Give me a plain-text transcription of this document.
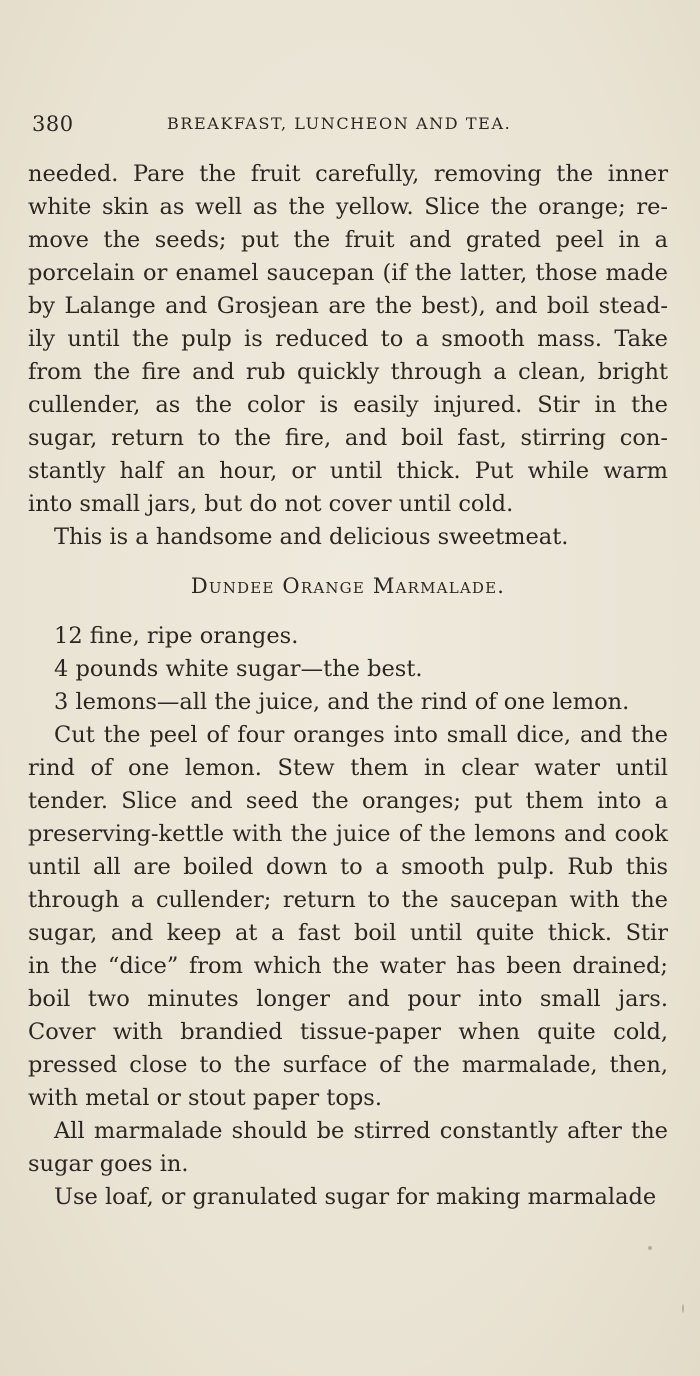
380	BREAKFAST, LUNCHEON AND TEA.
needed. Pare the fruit carefully, removing the inner
white skin as well as the yellow. Slice the orange; re-
move the seeds; put the fruit and grated peel in a
porcelain or enamel saucepan (if the latter, those made
by Lalange and Grosjean are the best), and boil stead-
ily until the pulp is reduced to a smooth mass. Take
from the fire and rub quickly through a clean, bright
cullender, as the color is easily injured. Stir in the
sugar, return to the fire, and boil fast, stirring con-
stantly half an hour, or until thick. Put while warm
into small jars, but do not cover until cold.
This is a handsome and delicious sweetmeat.
Dundee Orange Marmalade.
12 fine, ripe oranges.
4 pounds white sugar—the best.
3 lemons—all the juice, and the rind of one lemon.
Cut the peel of four oranges into small dice, and the
rind of one lemon. Stew them in clear water until
tender. Slice and seed the oranges; put them into a
preserving-kettle with the juice of the lemons and cook
until all are boiled down to a smooth pulp. Rub this
through a cullender; return to the saucepan with the
sugar, and keep at a fast boil until quite thick. Stir
in the “dice” from which the water has been drained;
boil two minutes longer and pour into small jars.
Cover with brandied tissue-paper when quite cold,
pressed close to the surface of the marmalade, then,
with metal or stout paper tops.
All marmalade should be stirred constantly after the
sugar goes in.
Use loaf, or granulated sugar for making marmalade
